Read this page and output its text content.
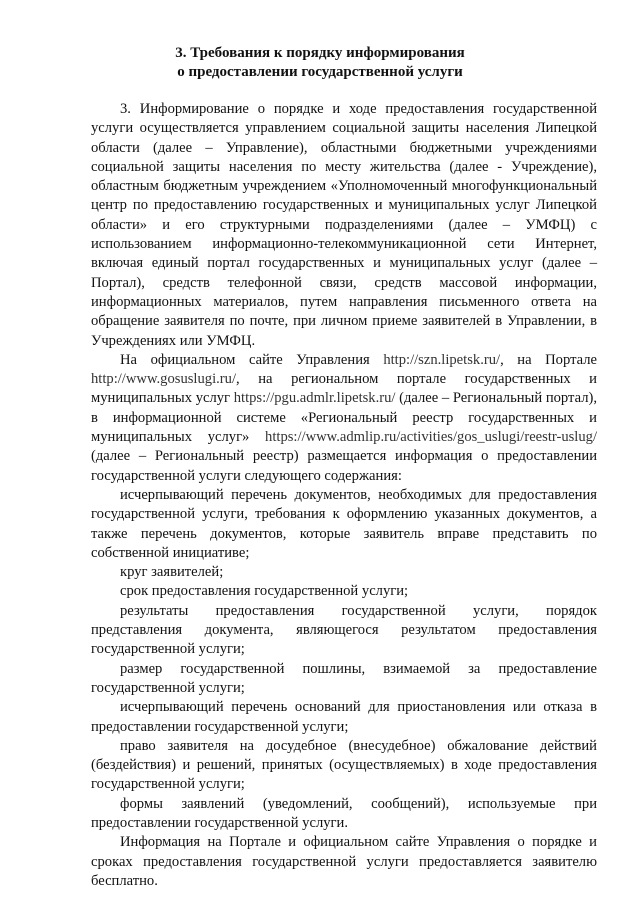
3. Требования к порядку информирования
о предоставлении государственной услуги

3. Информирование о порядке и ходе предоставления государственной услуги осуществляется управлением социальной защиты населения Липецкой области (далее – Управление), областными бюджетными учреждениями социальной защиты населения по месту жительства (далее - Учреждение), областным бюджетным учреждением «Уполномоченный многофункциональный центр по предоставлению государственных и муниципальных услуг Липецкой области» и его структурными подразделениями (далее – УМФЦ) с использованием информационно-телекоммуникационной сети Интернет, включая единый портал государственных и муниципальных услуг (далее – Портал), средств телефонной связи, средств массовой информации, информационных материалов, путем направления письменного ответа на обращение заявителя по почте, при личном приеме заявителей в Управлении, в Учреждениях или УМФЦ.

На официальном сайте Управления http://szn.lipetsk.ru/, на Портале http://www.gosuslugi.ru/, на региональном портале государственных и муниципальных услуг https://pgu.admlr.lipetsk.ru/ (далее – Региональный портал), в информационной системе «Региональный реестр государственных и муниципальных услуг» https://www.admlip.ru/activities/gos_uslugi/reestr-uslug/ (далее – Региональный реестр) размещается информация о предоставлении государственной услуги следующего содержания:

исчерпывающий перечень документов, необходимых для предоставления государственной услуги, требования к оформлению указанных документов, а также перечень документов, которые заявитель вправе представить по собственной инициативе;

круг заявителей;

срок предоставления государственной услуги;

результаты предоставления государственной услуги, порядок представления документа, являющегося результатом предоставления государственной услуги;

размер государственной пошлины, взимаемой за предоставление государственной услуги;

исчерпывающий перечень оснований для приостановления или отказа в предоставлении государственной услуги;

право заявителя на досудебное (внесудебное) обжалование действий (бездействия) и решений, принятых (осуществляемых) в ходе предоставления государственной услуги;

формы заявлений (уведомлений, сообщений), используемые при предоставлении государственной услуги.

Информация на Портале и официальном сайте Управления о порядке и сроках предоставления государственной услуги предоставляется заявителю бесплатно.
